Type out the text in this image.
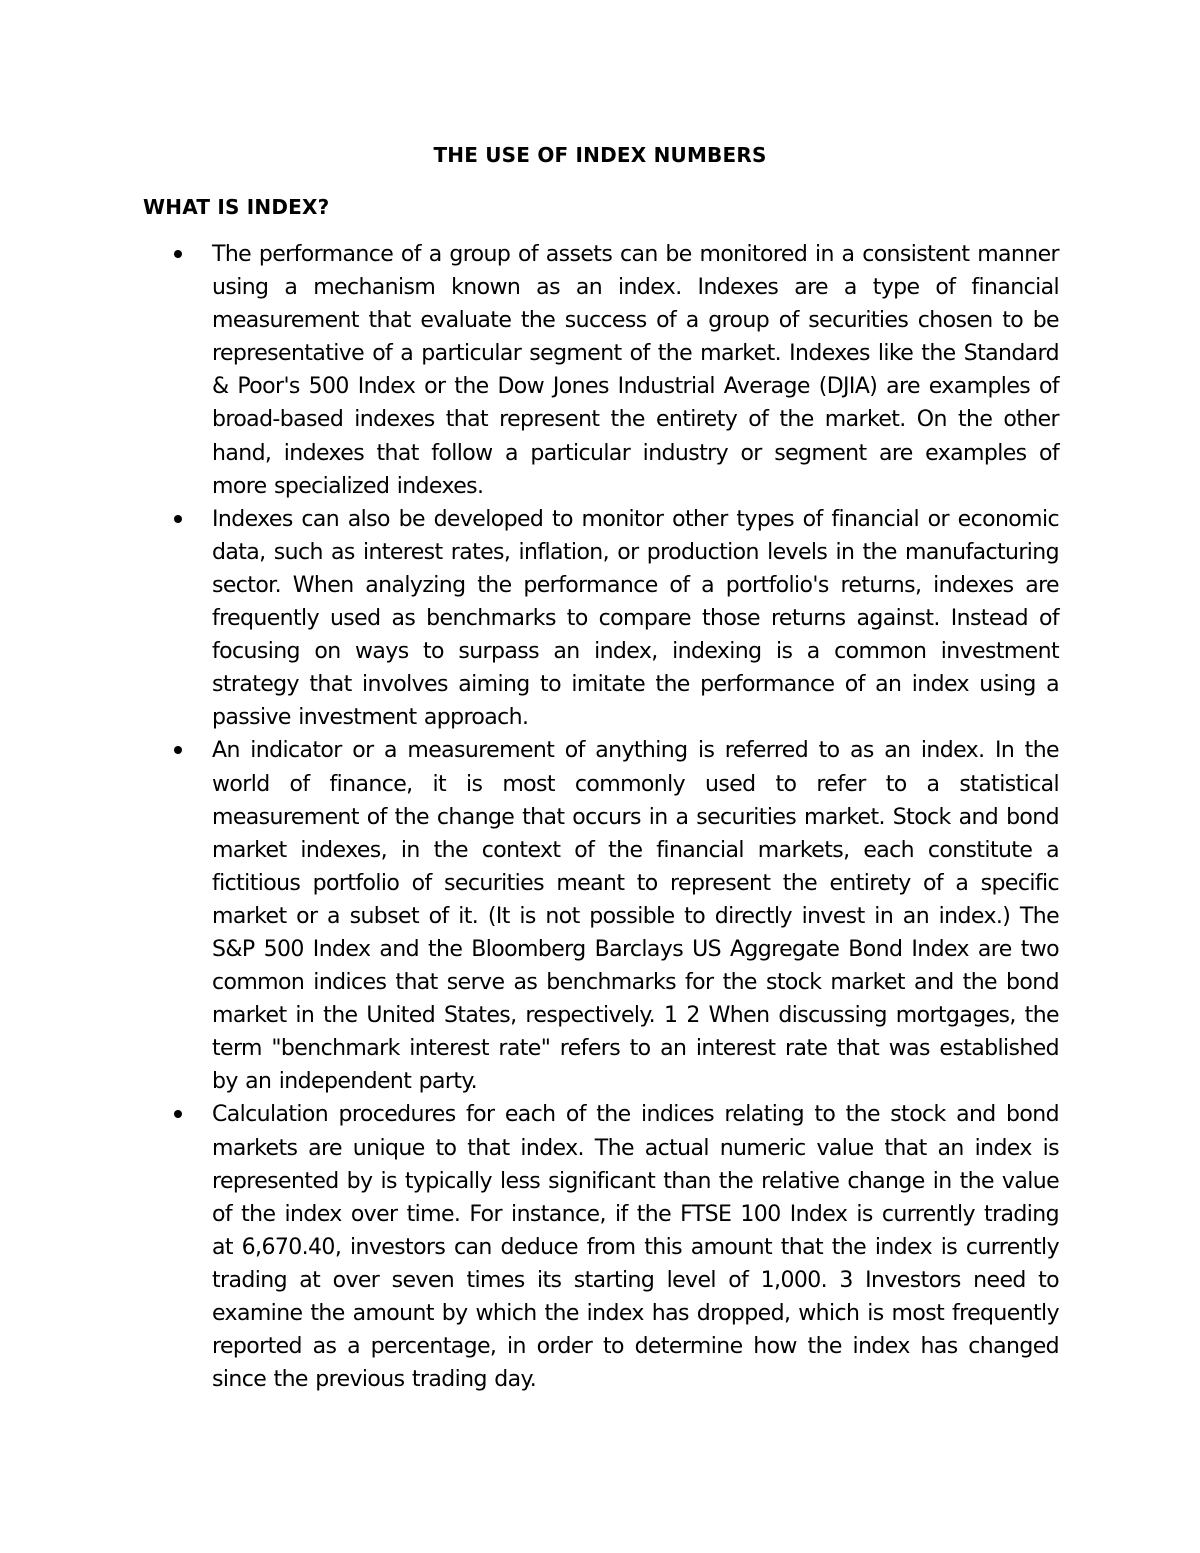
THE USE OF INDEX NUMBERS
WHAT IS INDEX?
The performance of a group of assets can be monitored in a consistent manner using a mechanism known as an index. Indexes are a type of financial measurement that evaluate the success of a group of securities chosen to be representative of a particular segment of the market. Indexes like the Standard & Poor's 500 Index or the Dow Jones Industrial Average (DJIA) are examples of broad-based indexes that represent the entirety of the market. On the other hand, indexes that follow a particular industry or segment are examples of more specialized indexes.
Indexes can also be developed to monitor other types of financial or economic data, such as interest rates, inflation, or production levels in the manufacturing sector. When analyzing the performance of a portfolio's returns, indexes are frequently used as benchmarks to compare those returns against. Instead of focusing on ways to surpass an index, indexing is a common investment strategy that involves aiming to imitate the performance of an index using a passive investment approach.
An indicator or a measurement of anything is referred to as an index. In the world of finance, it is most commonly used to refer to a statistical measurement of the change that occurs in a securities market. Stock and bond market indexes, in the context of the financial markets, each constitute a fictitious portfolio of securities meant to represent the entirety of a specific market or a subset of it. (It is not possible to directly invest in an index.) The S&P 500 Index and the Bloomberg Barclays US Aggregate Bond Index are two common indices that serve as benchmarks for the stock market and the bond market in the United States, respectively. 1 2 When discussing mortgages, the term "benchmark interest rate" refers to an interest rate that was established by an independent party.
Calculation procedures for each of the indices relating to the stock and bond markets are unique to that index. The actual numeric value that an index is represented by is typically less significant than the relative change in the value of the index over time. For instance, if the FTSE 100 Index is currently trading at 6,670.40, investors can deduce from this amount that the index is currently trading at over seven times its starting level of 1,000. 3 Investors need to examine the amount by which the index has dropped, which is most frequently reported as a percentage, in order to determine how the index has changed since the previous trading day.
